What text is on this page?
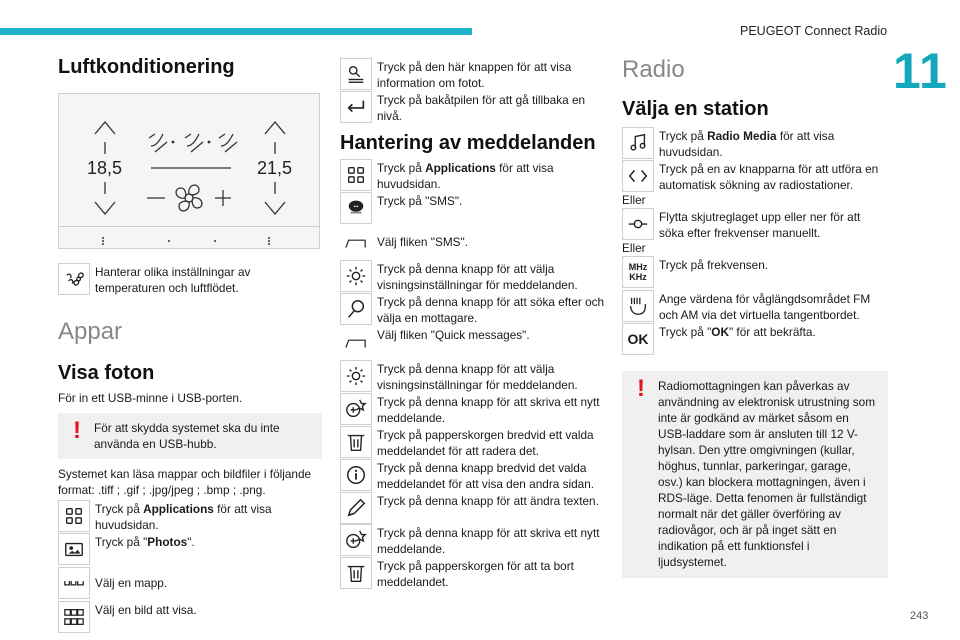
PEUGEOT Connect Radio
11
243
Luftkonditionering
18,5	21,5
Hanterar olika inställningar av temperaturen och luftflödet.
Appar
Visa foton

För in ett USB-minne i USB-porten.

!	För att skydda systemet ska du inte använda en USB-hubb.

Systemet kan läsa mappar och bildfiler i följande format: .tiff ; .gif ; .jpg/jpeg ; .bmp ; .png.

Tryck på Applications för att visa huvudsidan.
Tryck på "Photos".
Välj en mapp.
Välj en bild att visa.
Tryck på den här knappen för att visa information om fotot.
Tryck på bakåtpilen för att gå tillbaka en nivå.
Hantering av meddelanden
Tryck på Applications för att visa huvudsidan.
••• Tryck på "SMS".
Välj fliken "SMS".
Tryck på denna knapp för att välja visningsinställningar för meddelanden.
Tryck på denna knapp för att söka efter och välja en mottagare.
Välj fliken "Quick messages".
Tryck på denna knapp för att välja visningsinställningar för meddelanden.
Tryck på denna knapp för att skriva ett nytt meddelande.
Tryck på papperskorgen bredvid ett valda meddelandet för att radera det.
Tryck på denna knapp bredvid det valda meddelandet för att visa den andra sidan.
Tryck på denna knapp för att ändra texten.
Tryck på denna knapp för att skriva ett nytt meddelande.
Tryck på papperskorgen för att ta bort meddelandet.
Radio
Välja en station
Tryck på Radio Media för att visa huvudsidan.
Tryck på en av knapparna för att utföra en automatisk sökning av radiostationer.
Eller
Flytta skjutreglaget upp eller ner för att söka efter frekvenser manuellt.
Eller
MHz
KHz
Tryck på frekvensen.
Ange värdena för våglängdsområdet FM och AM via det virtuella tangentbordet.
OK Tryck på "OK" för att bekräfta.
!	Radiomottagningen kan påverkas av användning av elektronisk utrustning som inte är godkänd av märket såsom en USB-laddare som är ansluten till 12 V-hylsan. Den yttre omgivningen (kullar, höghus, tunnlar, parkeringar, garage, osv.) kan blockera mottagningen, även i RDS-läge. Detta fenomen är fullständigt normalt när det gäller överföring av radiovågor, och är på inget sätt en indikation på ett funktionsfel i ljudsystemet.
